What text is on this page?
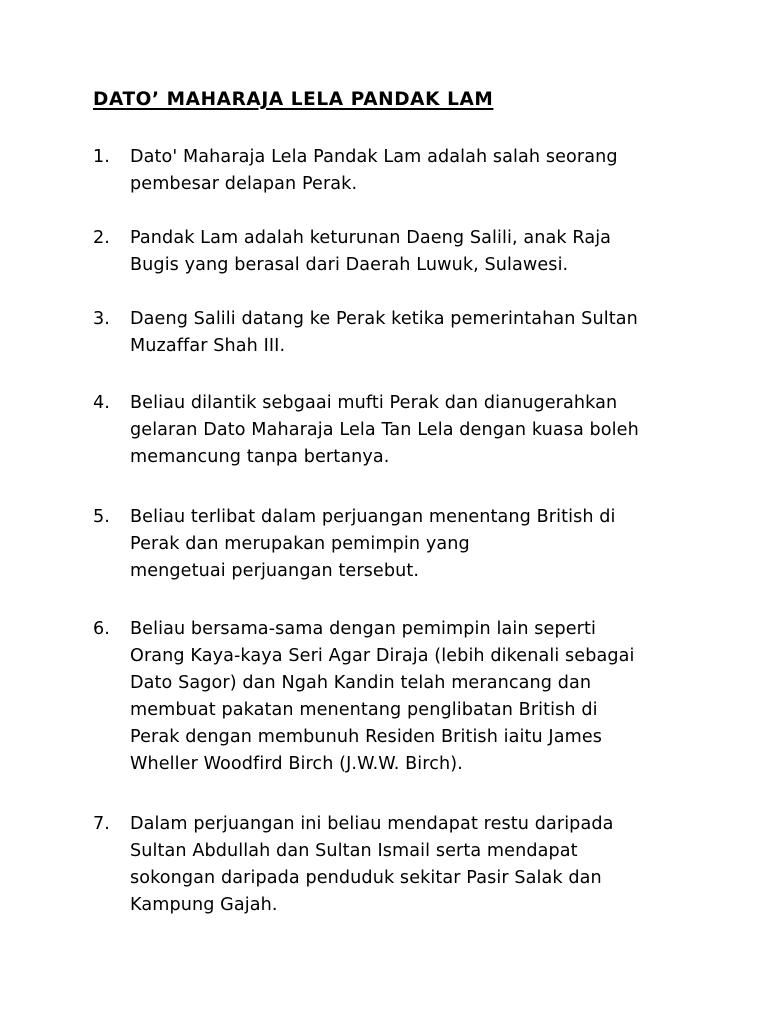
DATO’ MAHARAJA LELA PANDAK LAM
1. Dato' Maharaja Lela Pandak Lam adalah salah seorang
pembesar delapan Perak.
2. Pandak Lam adalah keturunan Daeng Salili, anak Raja
Bugis yang berasal dari Daerah Luwuk, Sulawesi.
3. Daeng Salili datang ke Perak ketika pemerintahan Sultan
Muzaffar Shah III.
4. Beliau dilantik sebgaai mufti Perak dan dianugerahkan
gelaran Dato Maharaja Lela Tan Lela dengan kuasa boleh
memancung tanpa bertanya.
5. Beliau terlibat dalam perjuangan menentang British di
Perak dan merupakan pemimpin yang
mengetuai perjuangan tersebut.
6. Beliau bersama-sama dengan pemimpin lain seperti
Orang Kaya-kaya Seri Agar Diraja (lebih dikenali sebagai
Dato Sagor) dan Ngah Kandin telah merancang dan
membuat pakatan menentang penglibatan British di
Perak dengan membunuh Residen British iaitu James
Wheller Woodfird Birch (J.W.W. Birch).
7. Dalam perjuangan ini beliau mendapat restu daripada
Sultan Abdullah dan Sultan Ismail serta mendapat
sokongan daripada penduduk sekitar Pasir Salak dan
Kampung Gajah.
